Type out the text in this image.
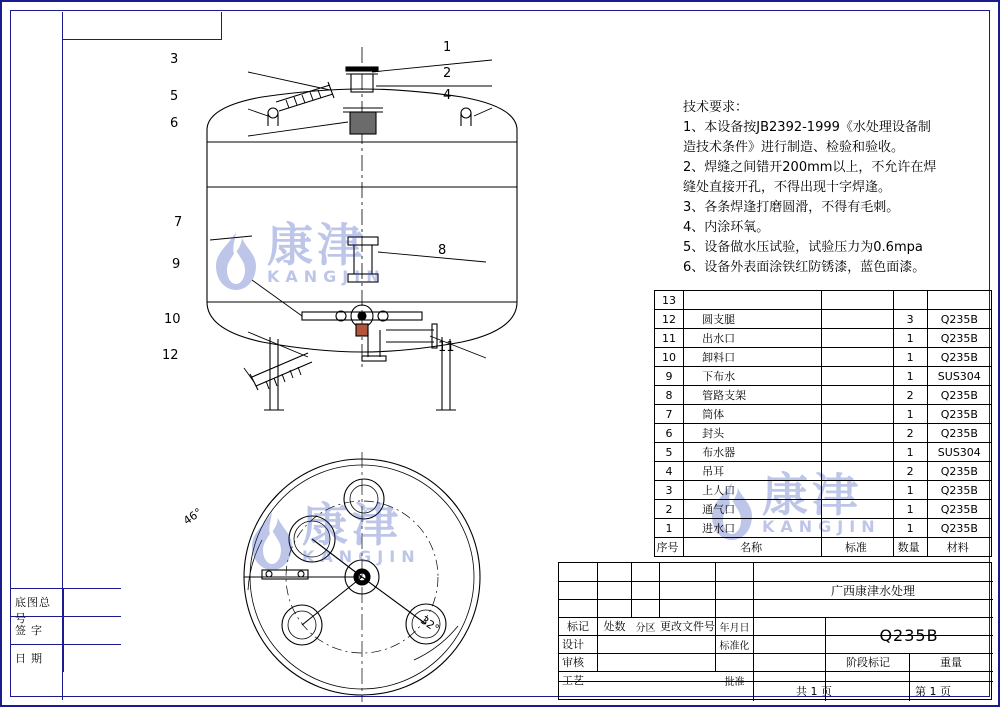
底图总号
签 字
日 期
1
2
3
4
5
6
7
8
9
10
11
12
46°
32°
康津
KANGJIN
康津
KANGJIN
康津
KANGJIN
技术要求：
1、本设备按JB2392-1999《水处理设备制
造技术条件》进行制造、检验和验收。
2、焊缝之间错开200mm以上，不允许在焊
缝处直接开孔，不得出现十字焊逢。
3、各条焊逢打磨圆滑，不得有毛刺。
4、内涂环氧。
5、设备做水压试验，试验压力为0.6mpa
6、设备外表面涂铁红防锈漆，蓝色面漆。
13				
12	圆支腿		3	Q235B
11	出水口		1	Q235B
10	卸料口		1	Q235B
9	下布水		1	SUS304
8	管路支架		2	Q235B
7	筒体		1	Q235B
6	封头		2	Q235B
5	布水器		1	SUS304
4	吊耳		2	Q235B
3	上人口		1	Q235B
2	通气口		1	Q235B
1	进水口		1	Q235B
序号	名称	标准	数量	材料
广西康津水处理
标记	处数	更改文件号
分区	年月日
设计
审核
工艺
标准化
批准
Q235B
阶段标记	重量
共 1 页	第 1 页
